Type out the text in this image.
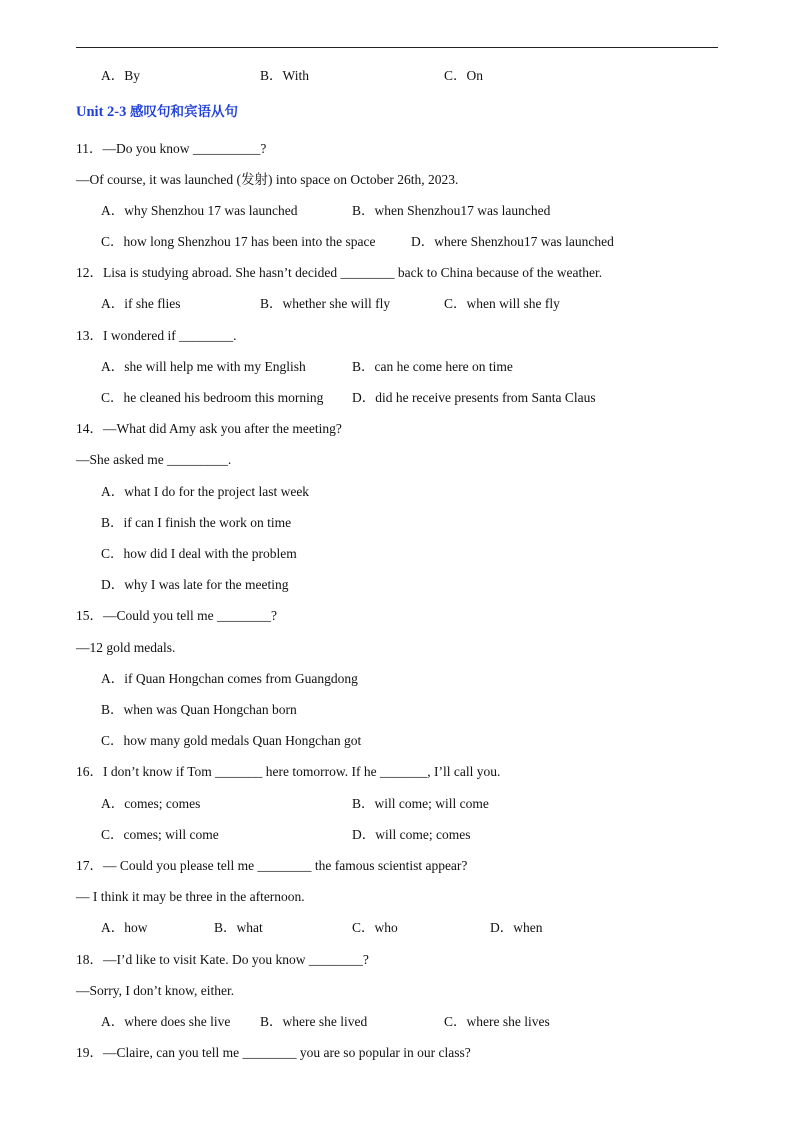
A．By	B．With	C．On
Unit 2-3 感叹句和宾语从句
11．—Do you know __________?
—Of course, it was launched (发射) into space on October 26th, 2023.
A．why Shenzhou 17 was launched	B．when Shenzhou17 was launched
C．how long Shenzhou 17 has been into the space	D．where Shenzhou17 was launched
12．Lisa is studying abroad. She hasn’t decided ________ back to China because of the weather.
A．if she flies	B．whether she will fly	C．when will she fly
13．I wondered if ________.
A．she will help me with my English	B．can he come here on time
C．he cleaned his bedroom this morning D．did he receive presents from Santa Claus
14．—What did Amy ask you after the meeting?
—She asked me _________.
A．what I do for the project last week
B．if can I finish the work on time
C．how did I deal with the problem
D．why I was late for the meeting
15．—Could you tell me ________?
—12 gold medals.
A．if Quan Hongchan comes from Guangdong
B．when was Quan Hongchan born
C．how many gold medals Quan Hongchan got
16．I don’t know if Tom _______ here tomorrow. If he _______, I’ll call you.
A．comes; comes	B．will come; will come
C．comes; will come	D．will come; comes
17．— Could you please tell me ________ the famous scientist appear?
— I think it may be three in the afternoon.
A．how	B．what	C．who	D．when
18．—I’d like to visit Kate. Do you know ________?
—Sorry, I don’t know, either.
A．where does she live B．where she lived	C．where she lives
19．—Claire, can you tell me ________ you are so popular in our class?
